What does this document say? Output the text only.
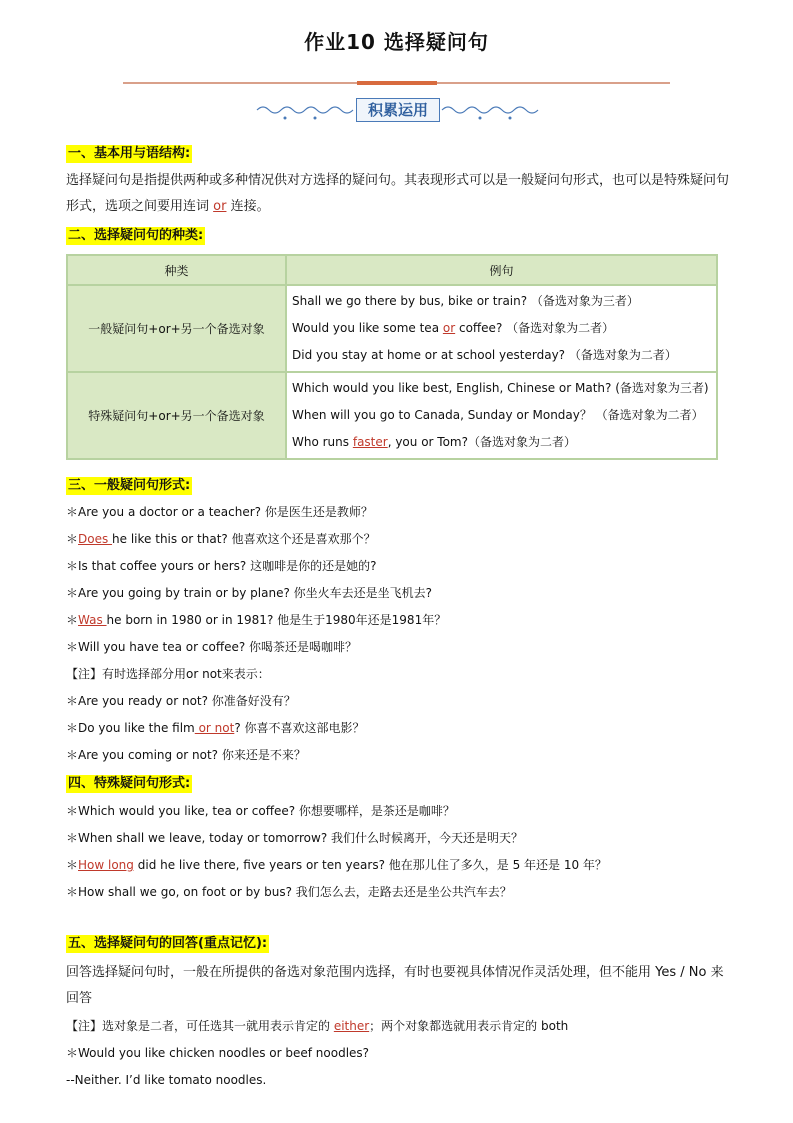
作业10 选择疑问句
积累运用
一、基本用与语结构:
选择疑问句是指提供两种或多种情况供对方选择的疑问句。其表现形式可以是一般疑问句形式，也可以是特殊疑问句形式，选项之间要用连词 or 连接。
二、选择疑问句的种类:
种类	例句
一般疑问句+or+另一个备选对象	Shall we go there by bus, bike or train? （备选对象为三者）
Would you like some tea or coffee? （备选对象为二者）
Did you stay at home or at school yesterday? （备选对象为二者）

特殊疑问句+or+另一个备选对象	Which would you like best, English, Chinese or Math? (备选对象为三者)
When will you go to Canada, Sunday or Monday？ （备选对象为二者）
Who runs faster, you or Tom?（备选对象为二者）
三、一般疑问句形式:
＊Are you a doctor or a teacher? 你是医生还是教师？
＊Does he like this or that? 他喜欢这个还是喜欢那个？
＊Is that coffee yours or hers? 这咖啡是你的还是她的?
＊Are you going by train or by plane? 你坐火车去还是坐飞机去?
＊Was he born in 1980 or in 1981? 他是生于1980年还是1981年？
＊Will you have tea or coffee? 你喝茶还是喝咖啡？
【注】有时选择部分用or not来表示：
＊Are you ready or not? 你准备好没有？
＊Do you like the film or not? 你喜不喜欢这部电影？
＊Are you coming or not? 你来还是不来？
四、特殊疑问句形式:
＊Which would you like, tea or coffee? 你想要哪样，是茶还是咖啡？
＊When shall we leave, today or tomorrow? 我们什么时候离开，今天还是明天？
＊How long did he live there, five years or ten years? 他在那儿住了多久，是 5 年还是 10 年？
＊How shall we go, on foot or by bus? 我们怎么去，走路去还是坐公共汽车去？
五、选择疑问句的回答(重点记忆):
回答选择疑问句时，一般在所提供的备选对象范围内选择，有时也要视具体情况作灵活处理，但不能用 Yes / No 来回答
【注】选对象是二者，可任选其一就用表示肯定的 either；两个对象都选就用表示肯定的 both
＊Would you like chicken noodles or beef noodles?
--Neither. I’d like tomato noodles.
